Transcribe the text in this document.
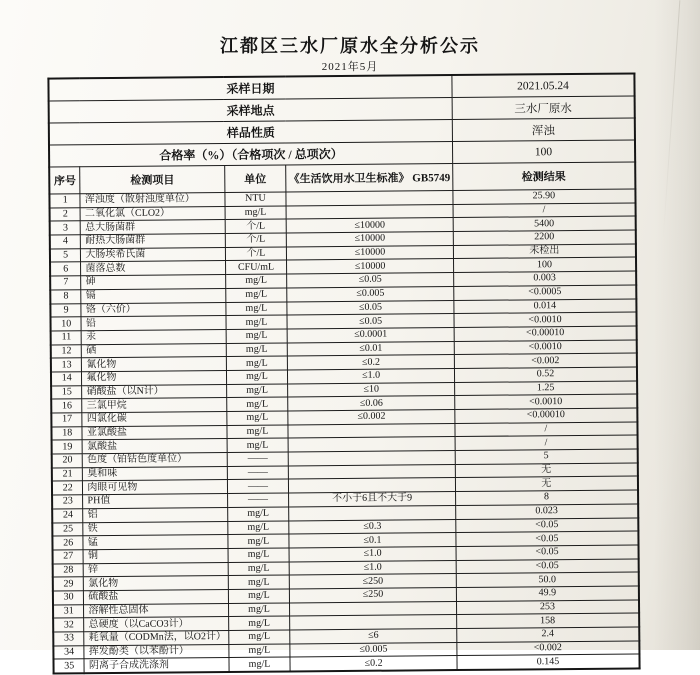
江都区三水厂原水全分析公示
2021年5月
采样日期				2021.05.24
采样地点				三水厂原水
样品性质				浑浊
合格率（%）（合格项次 / 总项次）				100
序号	检测项目	单位	《生活饮用水卫生标准》 GB5749	检测结果
1	浑浊度（散射浊度单位）	NTU		25.90
2	二氧化氯（CLO2）	mg/L		/
3	总大肠菌群	个/L	≤10000	5400
4	耐热大肠菌群	个/L	≤10000	2200
5	大肠埃希氏菌	个/L	≤10000	未检出
6	菌落总数	CFU/mL	≤10000	100
7	砷	mg/L	≤0.05	0.003
8	镉	mg/L	≤0.005	<0.0005
9	铬（六价）	mg/L	≤0.05	0.014
10	铅	mg/L	≤0.05	<0.0010
11	汞	mg/L	≤0.0001	<0.00010
12	硒	mg/L	≤0.01	<0.0010
13	氰化物	mg/L	≤0.2	<0.002
14	氟化物	mg/L	≤1.0	0.52
15	硝酸盐（以N计）	mg/L	≤10	1.25
16	三氯甲烷	mg/L	≤0.06	<0.0010
17	四氯化碳	mg/L	≤0.002	<0.00010
18	亚氯酸盐	mg/L		/
19	氯酸盐	mg/L		/
20	色度（铂钴色度单位）	——		5
21	臭和味	——		无
22	肉眼可见物	——		无
23	PH值	——	不小于6且不大于9	8
24	铝	mg/L		0.023
25	铁	mg/L	≤0.3	<0.05
26	锰	mg/L	≤0.1	<0.05
27	铜	mg/L	≤1.0	<0.05
28	锌	mg/L	≤1.0	<0.05
29	氯化物	mg/L	≤250	50.0
30	硫酸盐	mg/L	≤250	49.9
31	溶解性总固体	mg/L		253
32	总硬度（以CaCO3计）	mg/L		158
33	耗氧量（CODMn法，以O2计）	mg/L	≤6	2.4
34	挥发酚类（以苯酚计）	mg/L	≤0.005	<0.002
35	阴离子合成洗涤剂	mg/L	≤0.2	0.145
